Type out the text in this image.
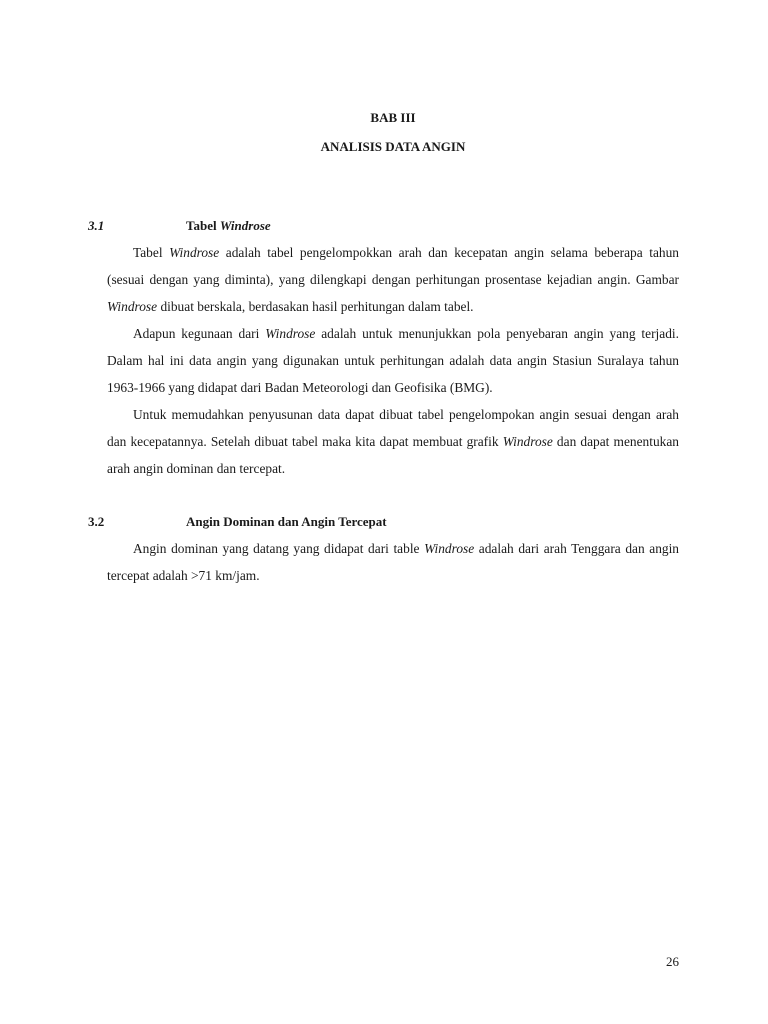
BAB III
ANALISIS DATA ANGIN
3.1	Tabel Windrose

Tabel Windrose adalah tabel pengelompokkan arah dan kecepatan angin selama beberapa tahun (sesuai dengan yang diminta), yang dilengkapi dengan perhitungan prosentase kejadian angin. Gambar Windrose dibuat berskala, berdasakan hasil perhitungan dalam tabel.

Adapun kegunaan dari Windrose adalah untuk menunjukkan pola penyebaran angin yang terjadi. Dalam hal ini data angin yang digunakan untuk perhitungan adalah data angin Stasiun Suralaya tahun 1963-1966 yang didapat dari Badan Meteorologi dan Geofisika (BMG).

Untuk memudahkan penyusunan data dapat dibuat tabel pengelompokan angin sesuai dengan arah dan kecepatannya. Setelah dibuat tabel maka kita dapat membuat grafik Windrose dan dapat menentukan arah angin dominan dan tercepat.

3.2	Angin Dominan dan Angin Tercepat

Angin dominan yang datang yang didapat dari table Windrose adalah dari arah Tenggara dan angin tercepat adalah >71 km/jam.

26
